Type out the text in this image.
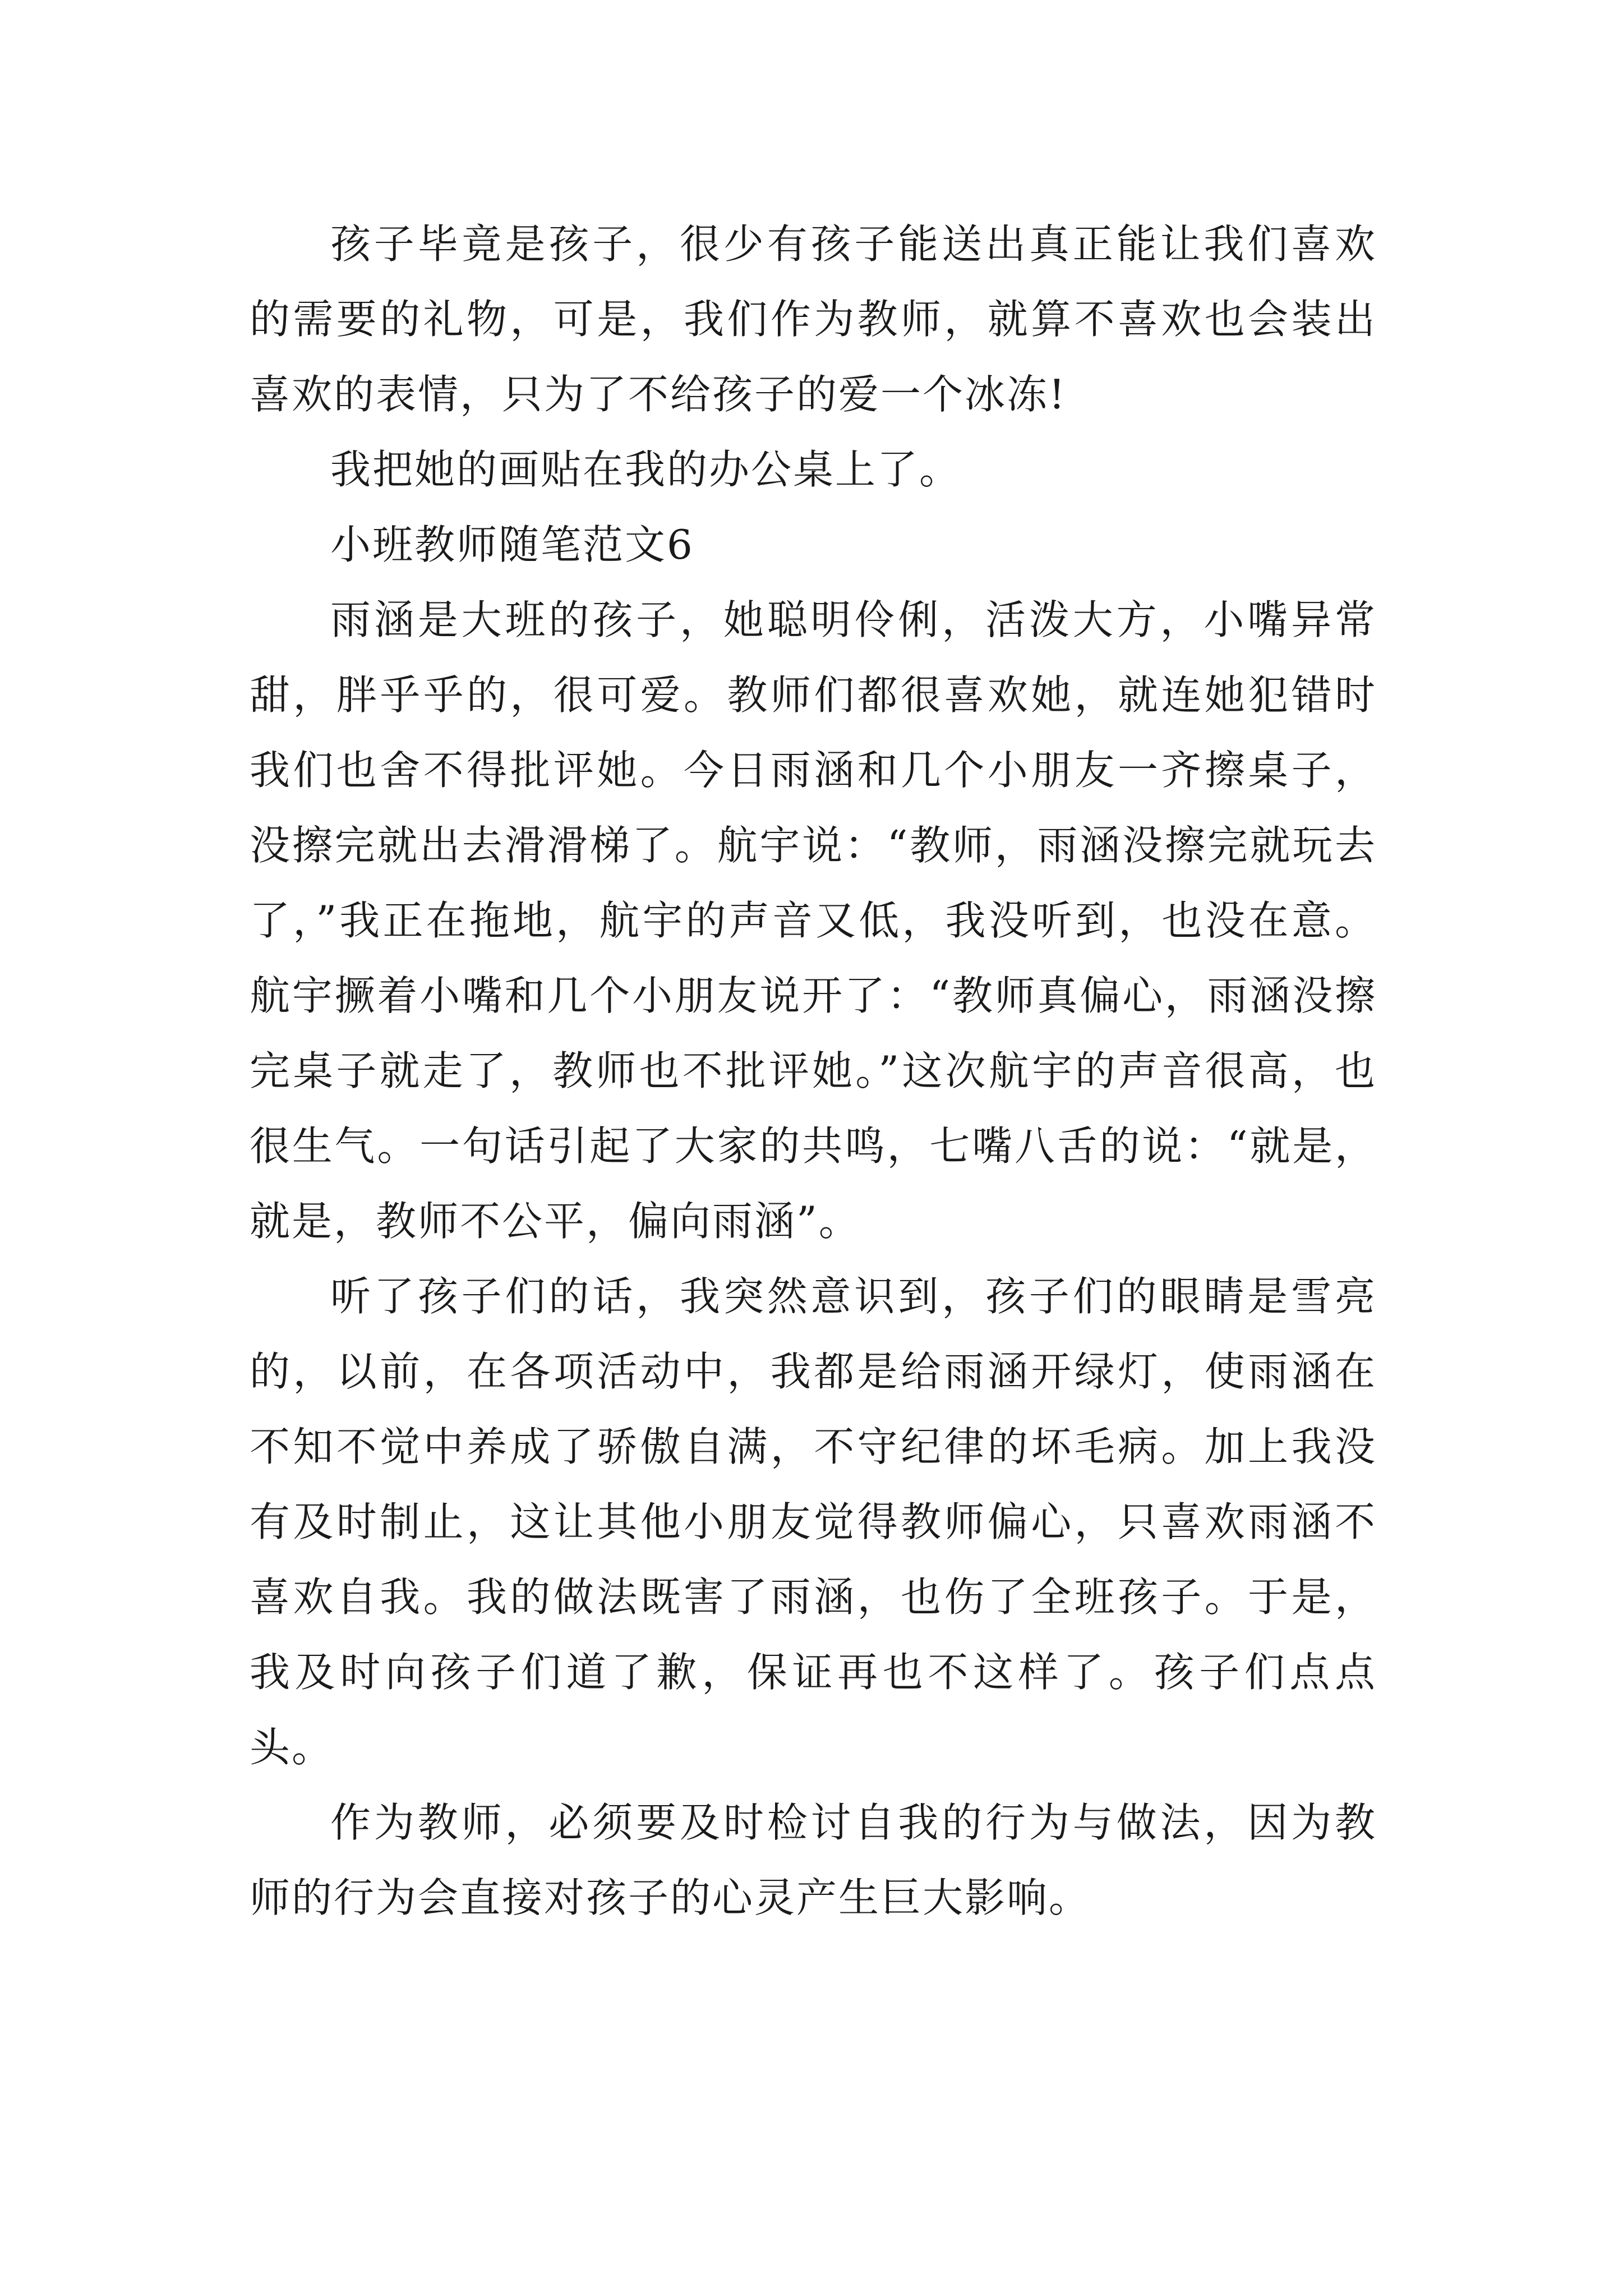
孩子毕竟是孩子，很少有孩子能送出真正能让我们喜欢的需要的礼物，可是，我们作为教师，就算不喜欢也会装出喜欢的表情，只为了不给孩子的爱一个冰冻!

我把她的画贴在我的办公桌上了。

小班教师随笔范文6

雨涵是大班的孩子，她聪明伶俐，活泼大方，小嘴异常甜，胖乎乎的，很可爱。教师们都很喜欢她，就连她犯错时我们也舍不得批评她。今日雨涵和几个小朋友一齐擦桌子，没擦完就出去滑滑梯了。航宇说：“教师，雨涵没擦完就玩去了，”我正在拖地，航宇的声音又低，我没听到，也没在意。航宇撅着小嘴和几个小朋友说开了：“教师真偏心，雨涵没擦完桌子就走了，教师也不批评她。”这次航宇的声音很高，也很生气。一句话引起了大家的共鸣，七嘴八舌的说：“就是，就是，教师不公平，偏向雨涵”。

听了孩子们的话，我突然意识到，孩子们的眼睛是雪亮的，以前，在各项活动中，我都是给雨涵开绿灯，使雨涵在不知不觉中养成了骄傲自满，不守纪律的坏毛病。加上我没有及时制止，这让其他小朋友觉得教师偏心，只喜欢雨涵不喜欢自我。我的做法既害了雨涵，也伤了全班孩子。于是，我及时向孩子们道了歉，保证再也不这样了。孩子们点点头。

作为教师，必须要及时检讨自我的行为与做法，因为教师的行为会直接对孩子的心灵产生巨大影响。
